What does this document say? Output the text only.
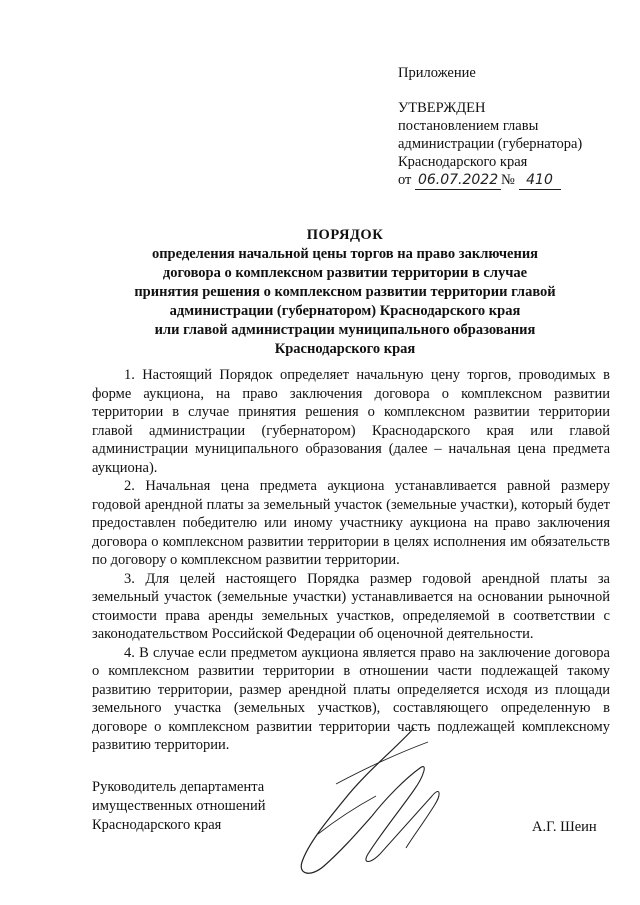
Приложение
УТВЕРЖДЕН
постановлением главы
администрации (губернатора)
Краснодарского края
от 06.07.2022 № 410
ПОРЯДОК
определения начальной цены торгов на право заключения
договора о комплексном развитии территории в случае
принятия решения о комплексном развитии территории главой
администрации (губернатором) Краснодарского края
или главой администрации муниципального образования
Краснодарского края

1. Настоящий Порядок определяет начальную цену торгов, проводимых в форме аукциона, на право заключения договора о комплексном развитии территории в случае принятия решения о комплексном развитии территории главой администрации (губернатором) Краснодарского края или главой администрации муниципального образования (далее – начальная цена предмета аукциона).

2. Начальная цена предмета аукциона устанавливается равной размеру годовой арендной платы за земельный участок (земельные участки), который будет предоставлен победителю или иному участнику аукциона на право заключения договора о комплексном развитии территории в целях исполнения им обязательств по договору о комплексном развитии территории.

3. Для целей настоящего Порядка размер годовой арендной платы за земельный участок (земельные участки) устанавливается на основании рыночной стоимости права аренды земельных участков, определяемой в соответствии с законодательством Российской Федерации об оценочной деятельности.

4. В случае если предметом аукциона является право на заключение договора о комплексном развитии территории в отношении части подлежащей такому развитию территории, размер арендной платы определяется исходя из площади земельного участка (земельных участков), составляющего определенную в договоре о комплексном развитии территории часть подлежащей комплексному развитию территории.

Руководитель департамента
имущественных отношений
Краснодарского края	А.Г. Шеин
